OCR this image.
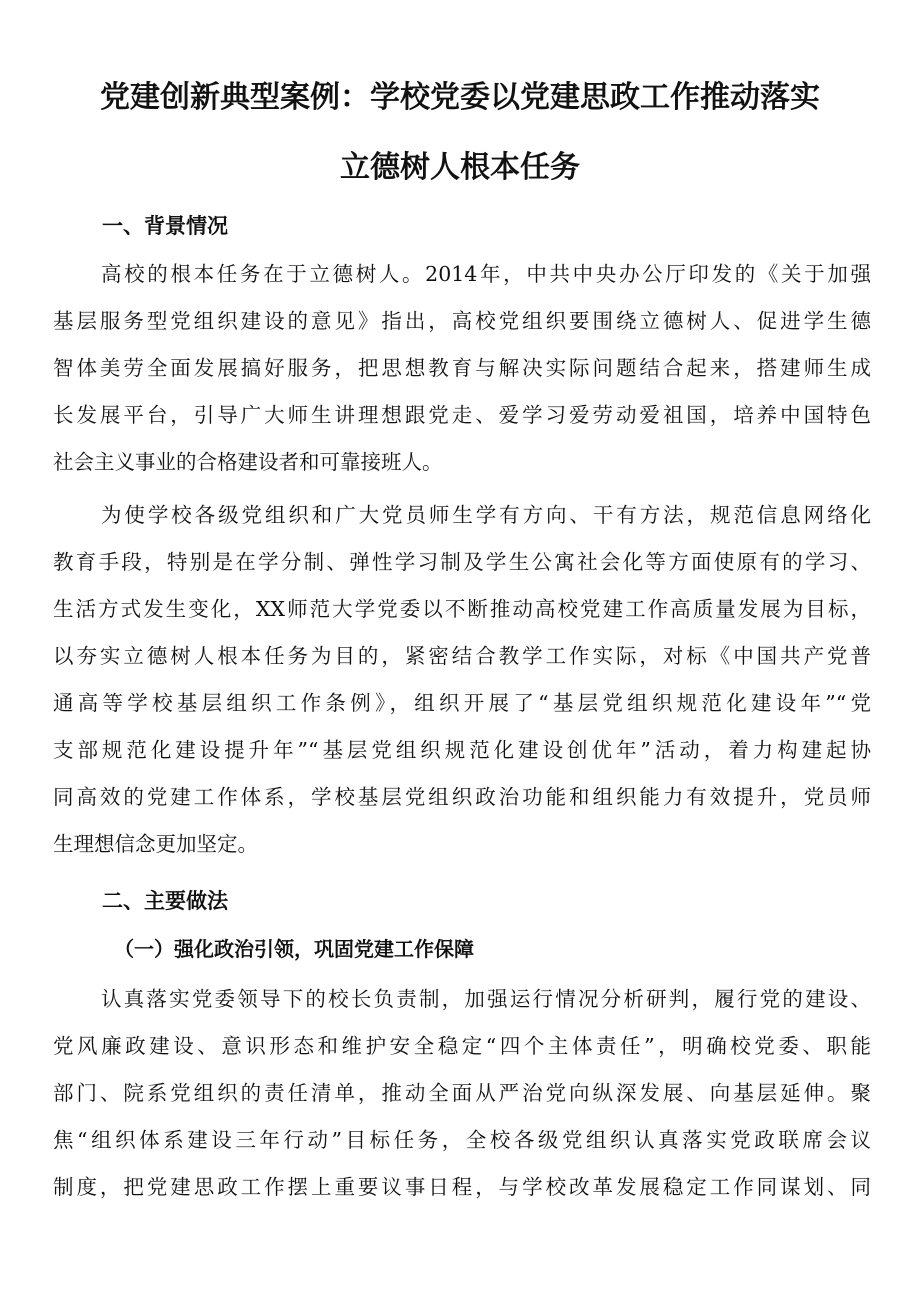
党建创新典型案例：学校党委以党建思政工作推动落实
立德树人根本任务
一、背景情况
高校的根本任务在于立德树人。2014年，中共中央办公厅印发的《关于加强
基层服务型党组织建设的意见》指出，高校党组织要围绕立德树人、促进学生德
智体美劳全面发展搞好服务，把思想教育与解决实际问题结合起来，搭建师生成
长发展平台，引导广大师生讲理想跟党走、爱学习爱劳动爱祖国，培养中国特色
社会主义事业的合格建设者和可靠接班人。
为使学校各级党组织和广大党员师生学有方向、干有方法，规范信息网络化
教育手段，特别是在学分制、弹性学习制及学生公寓社会化等方面使原有的学习、
生活方式发生变化，XX师范大学党委以不断推动高校党建工作高质量发展为目标，
以夯实立德树人根本任务为目的，紧密结合教学工作实际，对标《中国共产党普
通高等学校基层组织工作条例》，组织开展了“基层党组织规范化建设年”“党
支部规范化建设提升年”“基层党组织规范化建设创优年”活动，着力构建起协
同高效的党建工作体系，学校基层党组织政治功能和组织能力有效提升，党员师
生理想信念更加坚定。
二、主要做法
（一）强化政治引领，巩固党建工作保障
认真落实党委领导下的校长负责制，加强运行情况分析研判，履行党的建设、
党风廉政建设、意识形态和维护安全稳定“四个主体责任”，明确校党委、职能
部门、院系党组织的责任清单，推动全面从严治党向纵深发展、向基层延伸。聚
焦“组织体系建设三年行动”目标任务，全校各级党组织认真落实党政联席会议
制度，把党建思政工作摆上重要议事日程，与学校改革发展稳定工作同谋划、同
